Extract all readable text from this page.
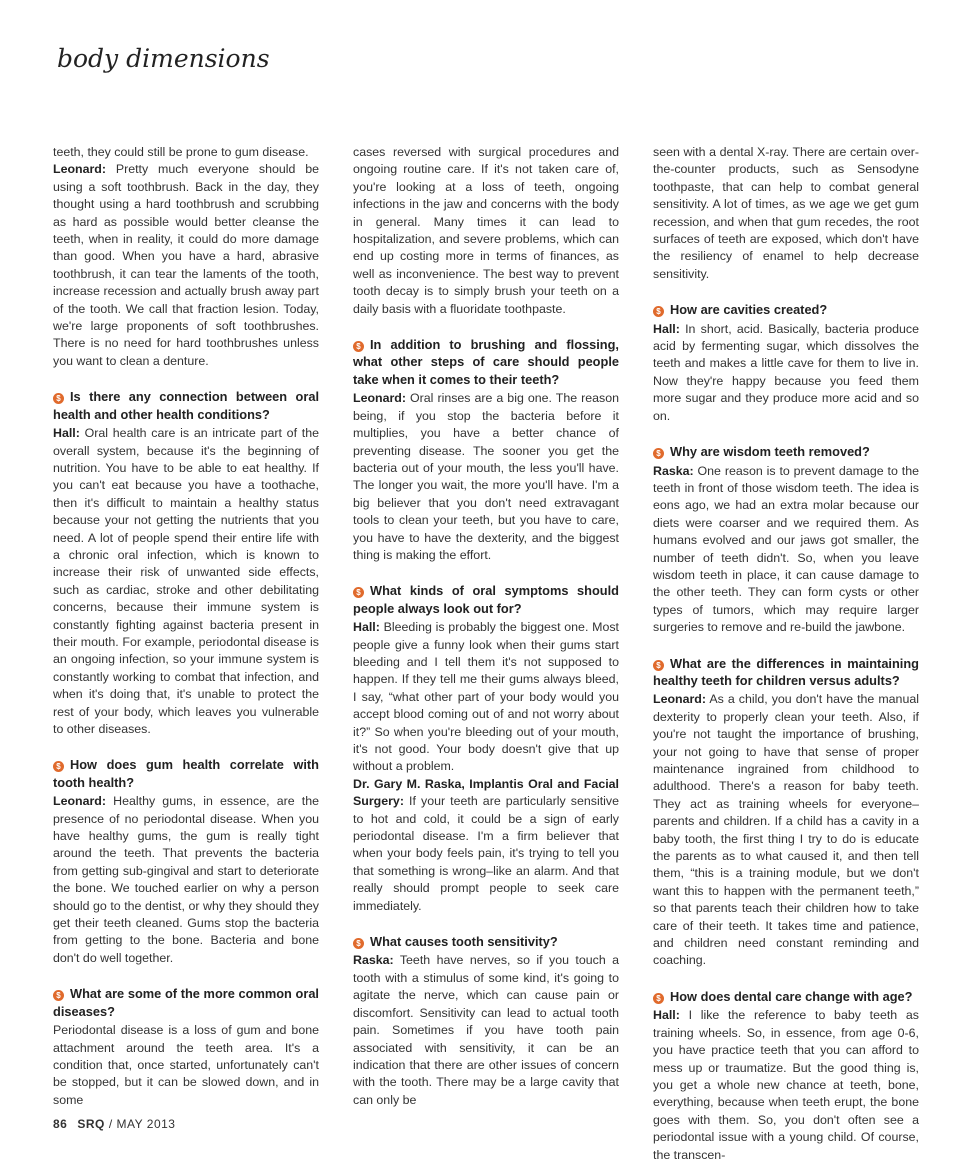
body dimensions

teeth, they could still be prone to gum disease.

Leonard: Pretty much everyone should be using a soft toothbrush. Back in the day, they thought using a hard toothbrush and scrubbing as hard as possible would better cleanse the teeth, when in reality, it could do more damage than good. When you have a hard, abrasive toothbrush, it can tear the laments of the tooth, increase recession and actually brush away part of the tooth. We call that fraction lesion. Today, we're large proponents of soft toothbrushes. There is no need for hard toothbrushes unless you want to clean a denture.

$ Is there any connection between oral health and other health conditions?

Hall: Oral health care is an intricate part of the overall system, because it's the beginning of nutrition. You have to be able to eat healthy. If you can't eat because you have a toothache, then it's difficult to maintain a healthy status because your not getting the nutrients that you need. A lot of people spend their entire life with a chronic oral infection, which is known to increase their risk of unwanted side effects, such as cardiac, stroke and other debilitating concerns, because their immune system is constantly fighting against bacteria present in their mouth. For example, periodontal disease is an ongoing infection, so your immune system is constantly working to combat that infection, and when it's doing that, it's unable to protect the rest of your body, which leaves you vulnerable to other diseases.

$ How does gum health correlate with tooth health?

Leonard: Healthy gums, in essence, are the presence of no periodontal disease. When you have healthy gums, the gum is really tight around the teeth. That prevents the bacteria from getting sub-gingival and start to deteriorate the bone. We touched earlier on why a person should go to the dentist, or why they should they get their teeth cleaned. Gums stop the bacteria from getting to the bone. Bacteria and bone don't do well together.

$ What are some of the more common oral diseases?

Periodontal disease is a loss of gum and bone attachment around the teeth area. It's a condition that, once started, unfortunately can't be stopped, but it can be slowed down, and in some

cases reversed with surgical procedures and ongoing routine care. If it's not taken care of, you're looking at a loss of teeth, ongoing infections in the jaw and concerns with the body in general. Many times it can lead to hospitalization, and severe problems, which can end up costing more in terms of finances, as well as inconvenience. The best way to prevent tooth decay is to simply brush your teeth on a daily basis with a fluoridate toothpaste.

$ In addition to brushing and flossing, what other steps of care should people take when it comes to their teeth?

Leonard: Oral rinses are a big one. The reason being, if you stop the bacteria before it multiplies, you have a better chance of preventing disease. The sooner you get the bacteria out of your mouth, the less you'll have. The longer you wait, the more you'll have. I'm a big believer that you don't need extravagant tools to clean your teeth, but you have to care, you have to have the dexterity, and the biggest thing is making the effort.

$ What kinds of oral symptoms should people always look out for?

Hall: Bleeding is probably the biggest one. Most people give a funny look when their gums start bleeding and I tell them it's not supposed to happen. If they tell me their gums always bleed, I say, “what other part of your body would you accept blood coming out of and not worry about it?” So when you're bleeding out of your mouth, it's not good. Your body doesn't give that up without a problem.

Dr. Gary M. Raska, Implantis Oral and Facial Surgery: If your teeth are particularly sensitive to hot and cold, it could be a sign of early periodontal disease. I'm a firm believer that when your body feels pain, it's trying to tell you that something is wrong–like an alarm. And that really should prompt people to seek care immediately.

$ What causes tooth sensitivity?

Raska: Teeth have nerves, so if you touch a tooth with a stimulus of some kind, it's going to agitate the nerve, which can cause pain or discomfort. Sensitivity can lead to actual tooth pain. Sometimes if you have tooth pain associated with sensitivity, it can be an indication that there are other issues of concern with the tooth. There may be a large cavity that can only be

seen with a dental X-ray. There are certain over-the-counter products, such as Sensodyne toothpaste, that can help to combat general sensitivity. A lot of times, as we age we get gum recession, and when that gum recedes, the root surfaces of teeth are exposed, which don't have the resiliency of enamel to help decrease sensitivity.

$ How are cavities created?

Hall: In short, acid. Basically, bacteria produce acid by fermenting sugar, which dissolves the teeth and makes a little cave for them to live in. Now they're happy because you feed them more sugar and they produce more acid and so on.

$ Why are wisdom teeth removed?

Raska: One reason is to prevent damage to the teeth in front of those wisdom teeth. The idea is eons ago, we had an extra molar because our diets were coarser and we required them. As humans evolved and our jaws got smaller, the number of teeth didn't. So, when you leave wisdom teeth in place, it can cause damage to the other teeth. They can form cysts or other types of tumors, which may require larger surgeries to remove and re-build the jawbone.

$ What are the differences in maintaining healthy teeth for children versus adults?

Leonard: As a child, you don't have the manual dexterity to properly clean your teeth. Also, if you're not taught the importance of brushing, your not going to have that sense of proper maintenance ingrained from childhood to adulthood. There's a reason for baby teeth. They act as training wheels for everyone–parents and children. If a child has a cavity in a baby tooth, the first thing I try to do is educate the parents as to what caused it, and then tell them, “this is a training module, but we don't want this to happen with the permanent teeth,” so that parents teach their children how to take care of their teeth. It takes time and patience, and children need constant reminding and coaching.

$ How does dental care change with age?

Hall: I like the reference to baby teeth as training wheels. So, in essence, from age 0-6, you have practice teeth that you can afford to mess up or traumatize. But the good thing is, you get a whole new chance at teeth, bone, everything, because when teeth erupt, the bone goes with them. So, you don't often see a periodontal issue with a young child. Of course, the transcen-

86 SRQ / MAY 2013
